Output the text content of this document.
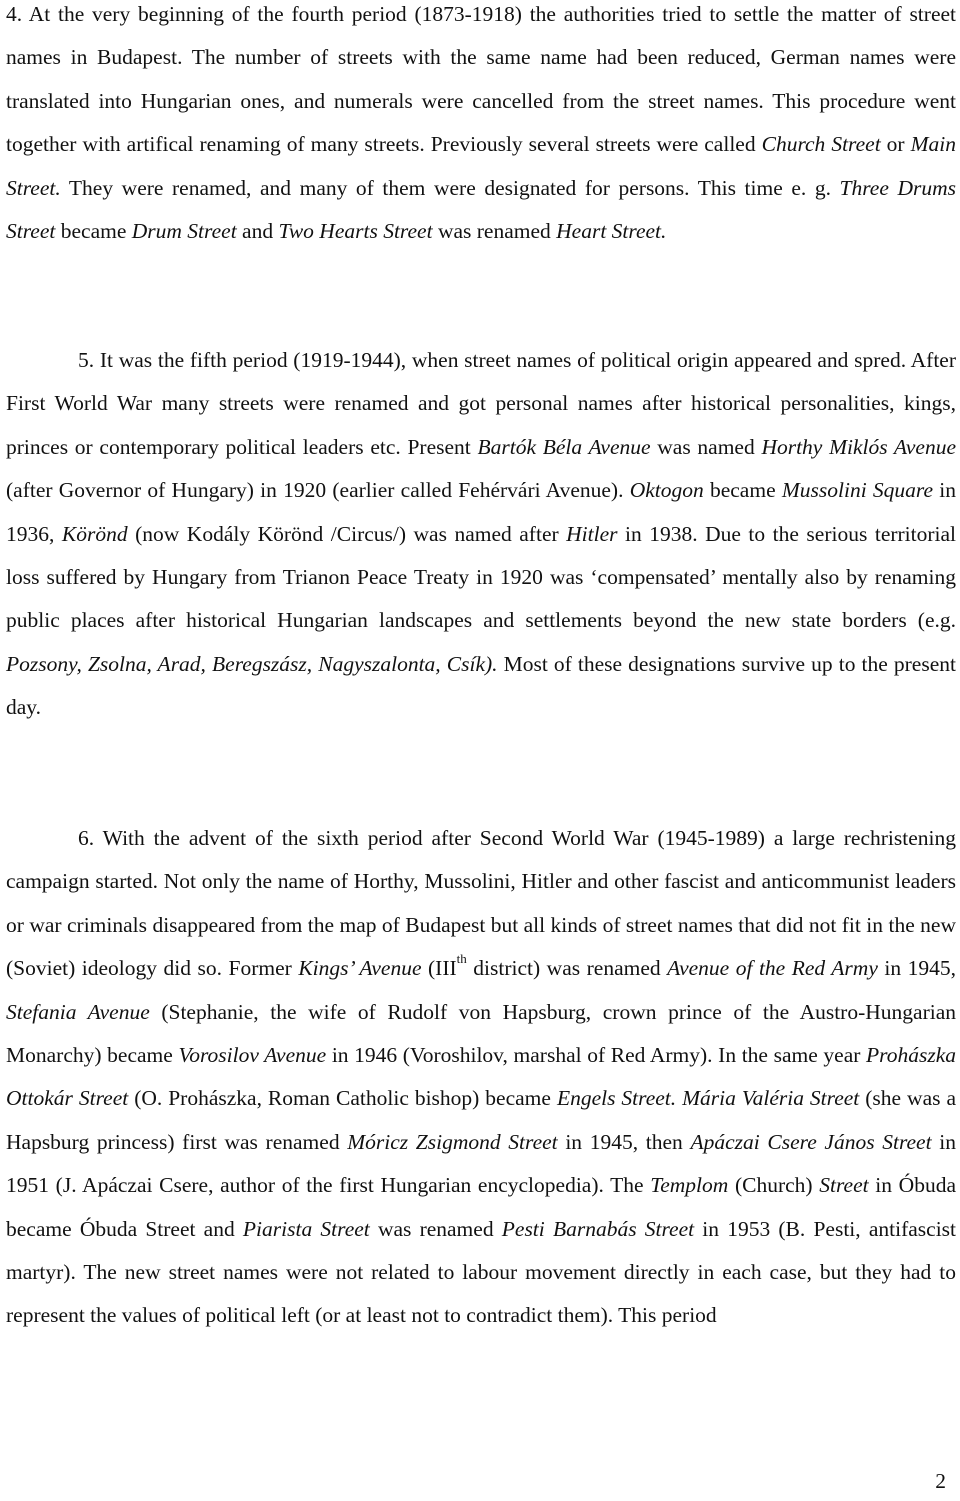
4. At the very beginning of the fourth period (1873-1918) the authorities tried to settle the matter of street names in Budapest. The number of streets with the same name had been reduced, German names were translated into Hungarian ones, and numerals were cancelled from the street names. This procedure went together with artifical renaming of many streets. Previously several streets were called Church Street or Main Street. They were renamed, and many of them were designated for persons. This time e. g. Three Drums Street became Drum Street and Two Hearts Street was renamed Heart Street.

5. It was the fifth period (1919-1944), when street names of political origin appeared and spred. After First World War many streets were renamed and got personal names after historical personalities, kings, princes or contemporary political leaders etc. Present Bartók Béla Avenue was named Horthy Miklós Avenue (after Governor of Hungary) in 1920 (earlier called Fehérvári Avenue). Oktogon became Mussolini Square in 1936, Körönd (now Kodály Körönd /Circus/) was named after Hitler in 1938. Due to the serious territorial loss suffered by Hungary from Trianon Peace Treaty in 1920 was ‘compensated’ mentally also by renaming public places after historical Hungarian landscapes and settlements beyond the new state borders (e.g. Pozsony, Zsolna, Arad, Beregszász, Nagyszalonta, Csík). Most of these designations survive up to the present day.

6. With the advent of the sixth period after Second World War (1945-1989) a large rechristening campaign started. Not only the name of Horthy, Mussolini, Hitler and other fascist and anticommunist leaders or war criminals disappeared from the map of Budapest but all kinds of street names that did not fit in the new (Soviet) ideology did so. Former Kings’ Avenue (IIIth district) was renamed Avenue of the Red Army in 1945, Stefania Avenue (Stephanie, the wife of Rudolf von Hapsburg, crown prince of the Austro-Hungarian Monarchy) became Vorosilov Avenue in 1946 (Voroshilov, marshal of Red Army). In the same year Prohászka Ottokár Street (O. Prohászka, Roman Catholic bishop) became Engels Street. Mária Valéria Street (she was a Hapsburg princess) first was renamed Móricz Zsigmond Street in 1945, then Apáczai Csere János Street in 1951 (J. Apáczai Csere, author of the first Hungarian encyclopedia). The Templom (Church) Street in Óbuda became Óbuda Street and Piarista Street was renamed Pesti Barnabás Street in 1953 (B. Pesti, antifascist martyr). The new street names were not related to labour movement directly in each case, but they had to represent the values of political left (or at least not to contradict them). This period

2
